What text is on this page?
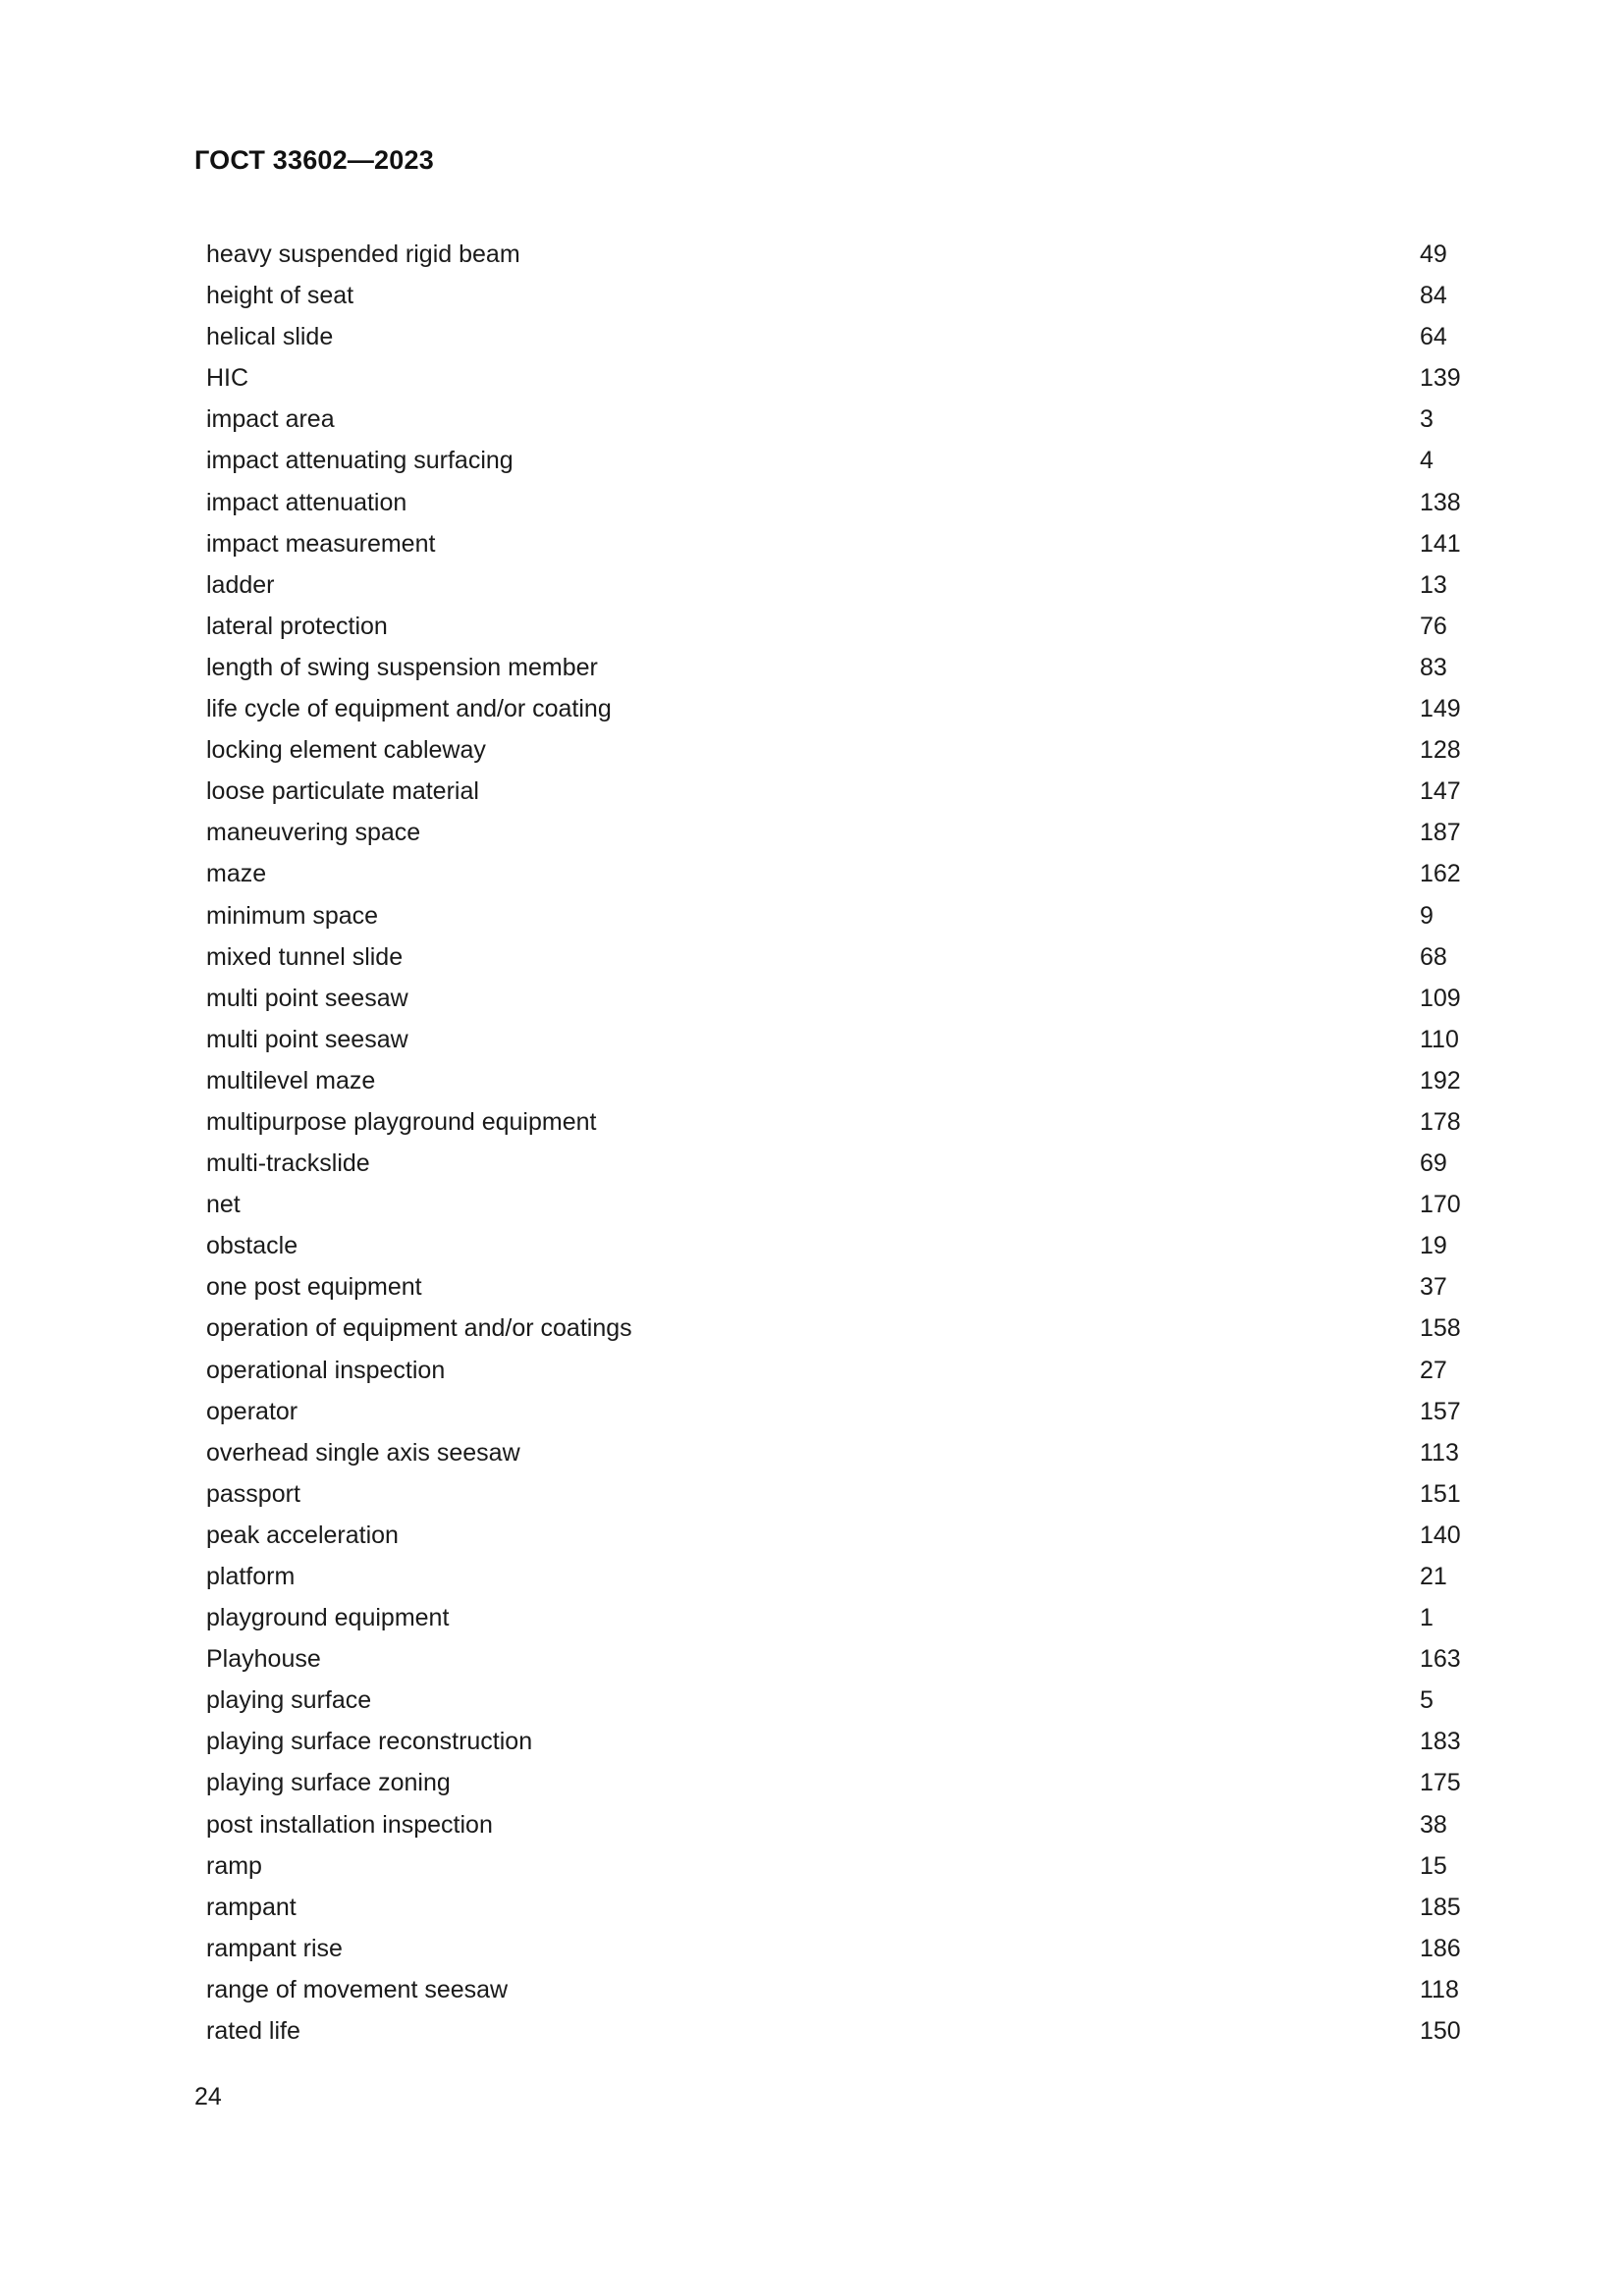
ГОСТ 33602—2023
heavy suspended rigid beam	49
height of seat	84
helical slide	64
HIC	139
impact area	3
impact attenuating surfacing	4
impact attenuation	138
impact measurement	141
ladder	13
lateral protection	76
length of swing suspension member	83
life cycle of equipment and/or coating	149
locking element cableway	128
loose particulate material	147
maneuvering space	187
maze	162
minimum space	9
mixed tunnel slide	68
multi point seesaw	109
multi point seesaw	110
multilevel maze	192
multipurpose playground equipment	178
multi-trackslide	69
net	170
obstacle	19
one post equipment	37
operation of equipment and/or coatings	158
operational inspection	27
operator	157
overhead single axis seesaw	113
passport	151
peak acceleration	140
platform	21
playground equipment	1
Playhouse	163
playing surface	5
playing surface reconstruction	183
playing surface zoning	175
post installation inspection	38
ramp	15
rampant	185
rampant rise	186
range of movement seesaw	118
rated life	150
24
